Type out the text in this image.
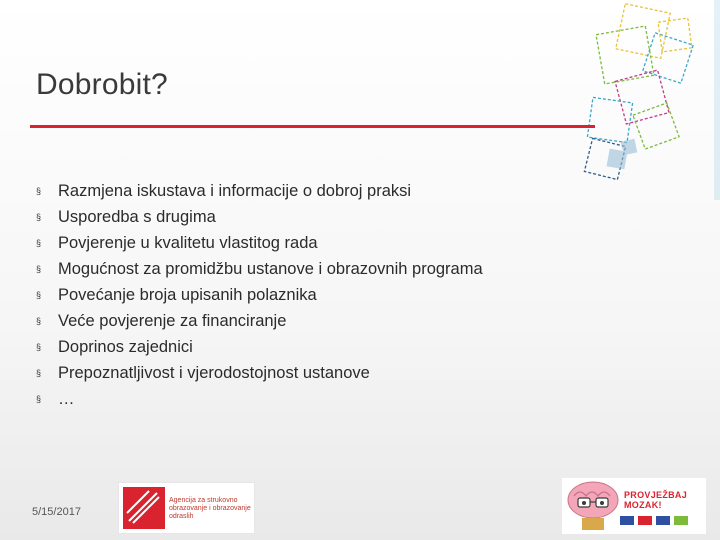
Dobrobit?
§	Razmjena iskustava i informacije o dobroj praksi
§	Usporedba s drugima
§	Povjerenje u kvalitetu vlastitog rada
§	Mogućnost za promidžbu ustanove i obrazovnih programa
§	Povećanje broja upisanih polaznika
§	Veće povjerenje za financiranje
§	Doprinos zajednici
§	Prepoznatljivost i vjerodostojnost ustanove
§	…
5/15/2017
Agencija za strukovno obrazovanje i obrazovanje odraslih
PROVJEŽBAJ MOZAK!
